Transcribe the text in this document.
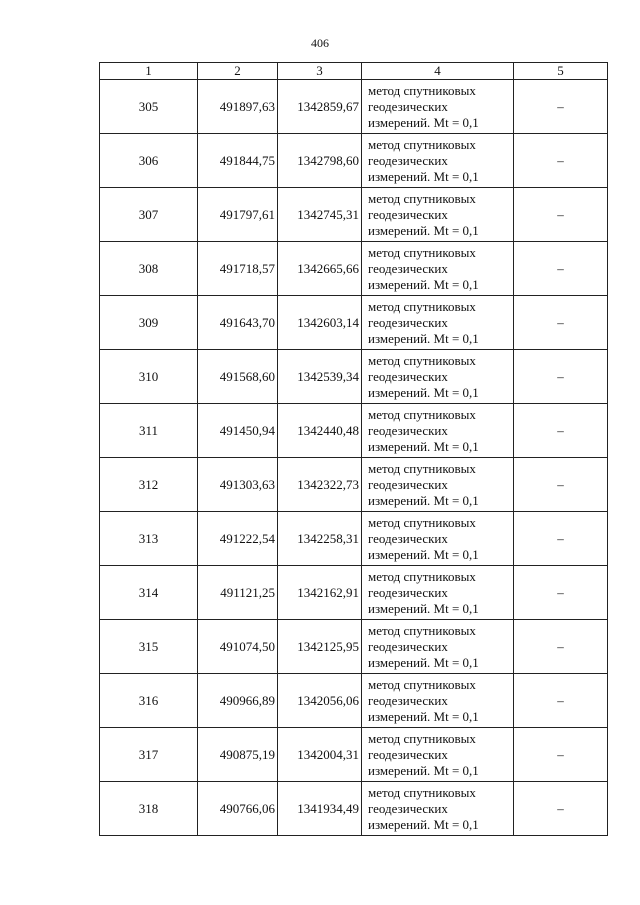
406
1	2	3	4	5
305	491897,63	1342859,67	метод спутниковых
геодезических
измерений. Mt = 0,1	–
306	491844,75	1342798,60	метод спутниковых
геодезических
измерений. Mt = 0,1	–
307	491797,61	1342745,31	метод спутниковых
геодезических
измерений. Mt = 0,1	–
308	491718,57	1342665,66	метод спутниковых
геодезических
измерений. Mt = 0,1	–
309	491643,70	1342603,14	метод спутниковых
геодезических
измерений. Mt = 0,1	–
310	491568,60	1342539,34	метод спутниковых
геодезических
измерений. Mt = 0,1	–
311	491450,94	1342440,48	метод спутниковых
геодезических
измерений. Mt = 0,1	–
312	491303,63	1342322,73	метод спутниковых
геодезических
измерений. Mt = 0,1	–
313	491222,54	1342258,31	метод спутниковых
геодезических
измерений. Mt = 0,1	–
314	491121,25	1342162,91	метод спутниковых
геодезических
измерений. Mt = 0,1	–
315	491074,50	1342125,95	метод спутниковых
геодезических
измерений. Mt = 0,1	–
316	490966,89	1342056,06	метод спутниковых
геодезических
измерений. Mt = 0,1	–
317	490875,19	1342004,31	метод спутниковых
геодезических
измерений. Mt = 0,1	–
318	490766,06	1341934,49	метод спутниковых
геодезических
измерений. Mt = 0,1	–
